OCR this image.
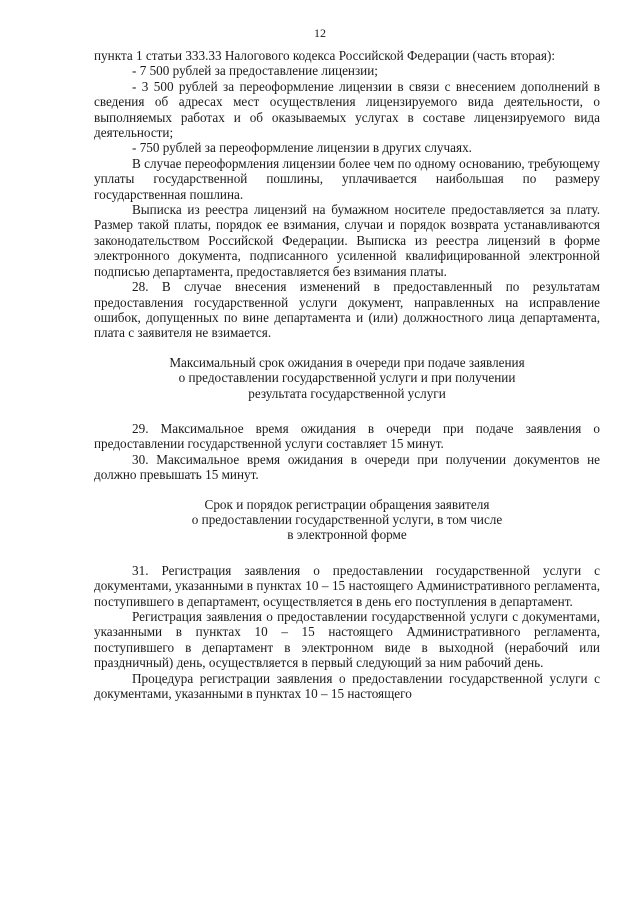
12

пункта 1 статьи 333.33 Налогового кодекса Российской Федерации (часть вторая):

- 7 500 рублей за предоставление лицензии;

- 3 500 рублей за переоформление лицензии в связи с внесением дополнений в сведения об адресах мест осуществления лицензируемого вида деятельности, о выполняемых работах и об оказываемых услугах в составе лицензируемого вида деятельности;

- 750 рублей за переоформление лицензии в других случаях.

В случае переоформления лицензии более чем по одному основанию, требующему уплаты государственной пошлины, уплачивается наибольшая по размеру государственная пошлина.

Выписка из реестра лицензий на бумажном носителе предоставляется за плату. Размер такой платы, порядок ее взимания, случаи и порядок возврата устанавливаются законодательством Российской Федерации. Выписка из реестра лицензий в форме электронного документа, подписанного усиленной квалифицированной электронной подписью департамента, предоставляется без взимания платы.

28. В случае внесения изменений в предоставленный по результатам предоставления государственной услуги документ, направленных на исправление ошибок, допущенных по вине департамента и (или) должностного лица департамента, плата с заявителя не взимается.

Максимальный срок ожидания в очереди при подаче заявления

о предоставлении государственной услуги и при получении

результата государственной услуги

29. Максимальное время ожидания в очереди при подаче заявления о предоставлении государственной услуги составляет 15 минут.

30. Максимальное время ожидания в очереди при получении документов не должно превышать 15 минут.

Срок и порядок регистрации обращения заявителя

о предоставлении государственной услуги, в том числе

в электронной форме

31. Регистрация заявления о предоставлении государственной услуги с документами, указанными в пунктах 10 – 15 настоящего Административного регламента, поступившего в департамент, осуществляется в день его поступления в департамент.

Регистрация заявления о предоставлении государственной услуги с документами, указанными в пунктах 10 – 15 настоящего Административного регламента, поступившего в департамент в электронном виде в выходной (нерабочий или праздничный) день, осуществляется в первый следующий за ним рабочий день.

Процедура регистрации заявления о предоставлении государственной услуги с документами, указанными в пунктах 10 – 15 настоящего
